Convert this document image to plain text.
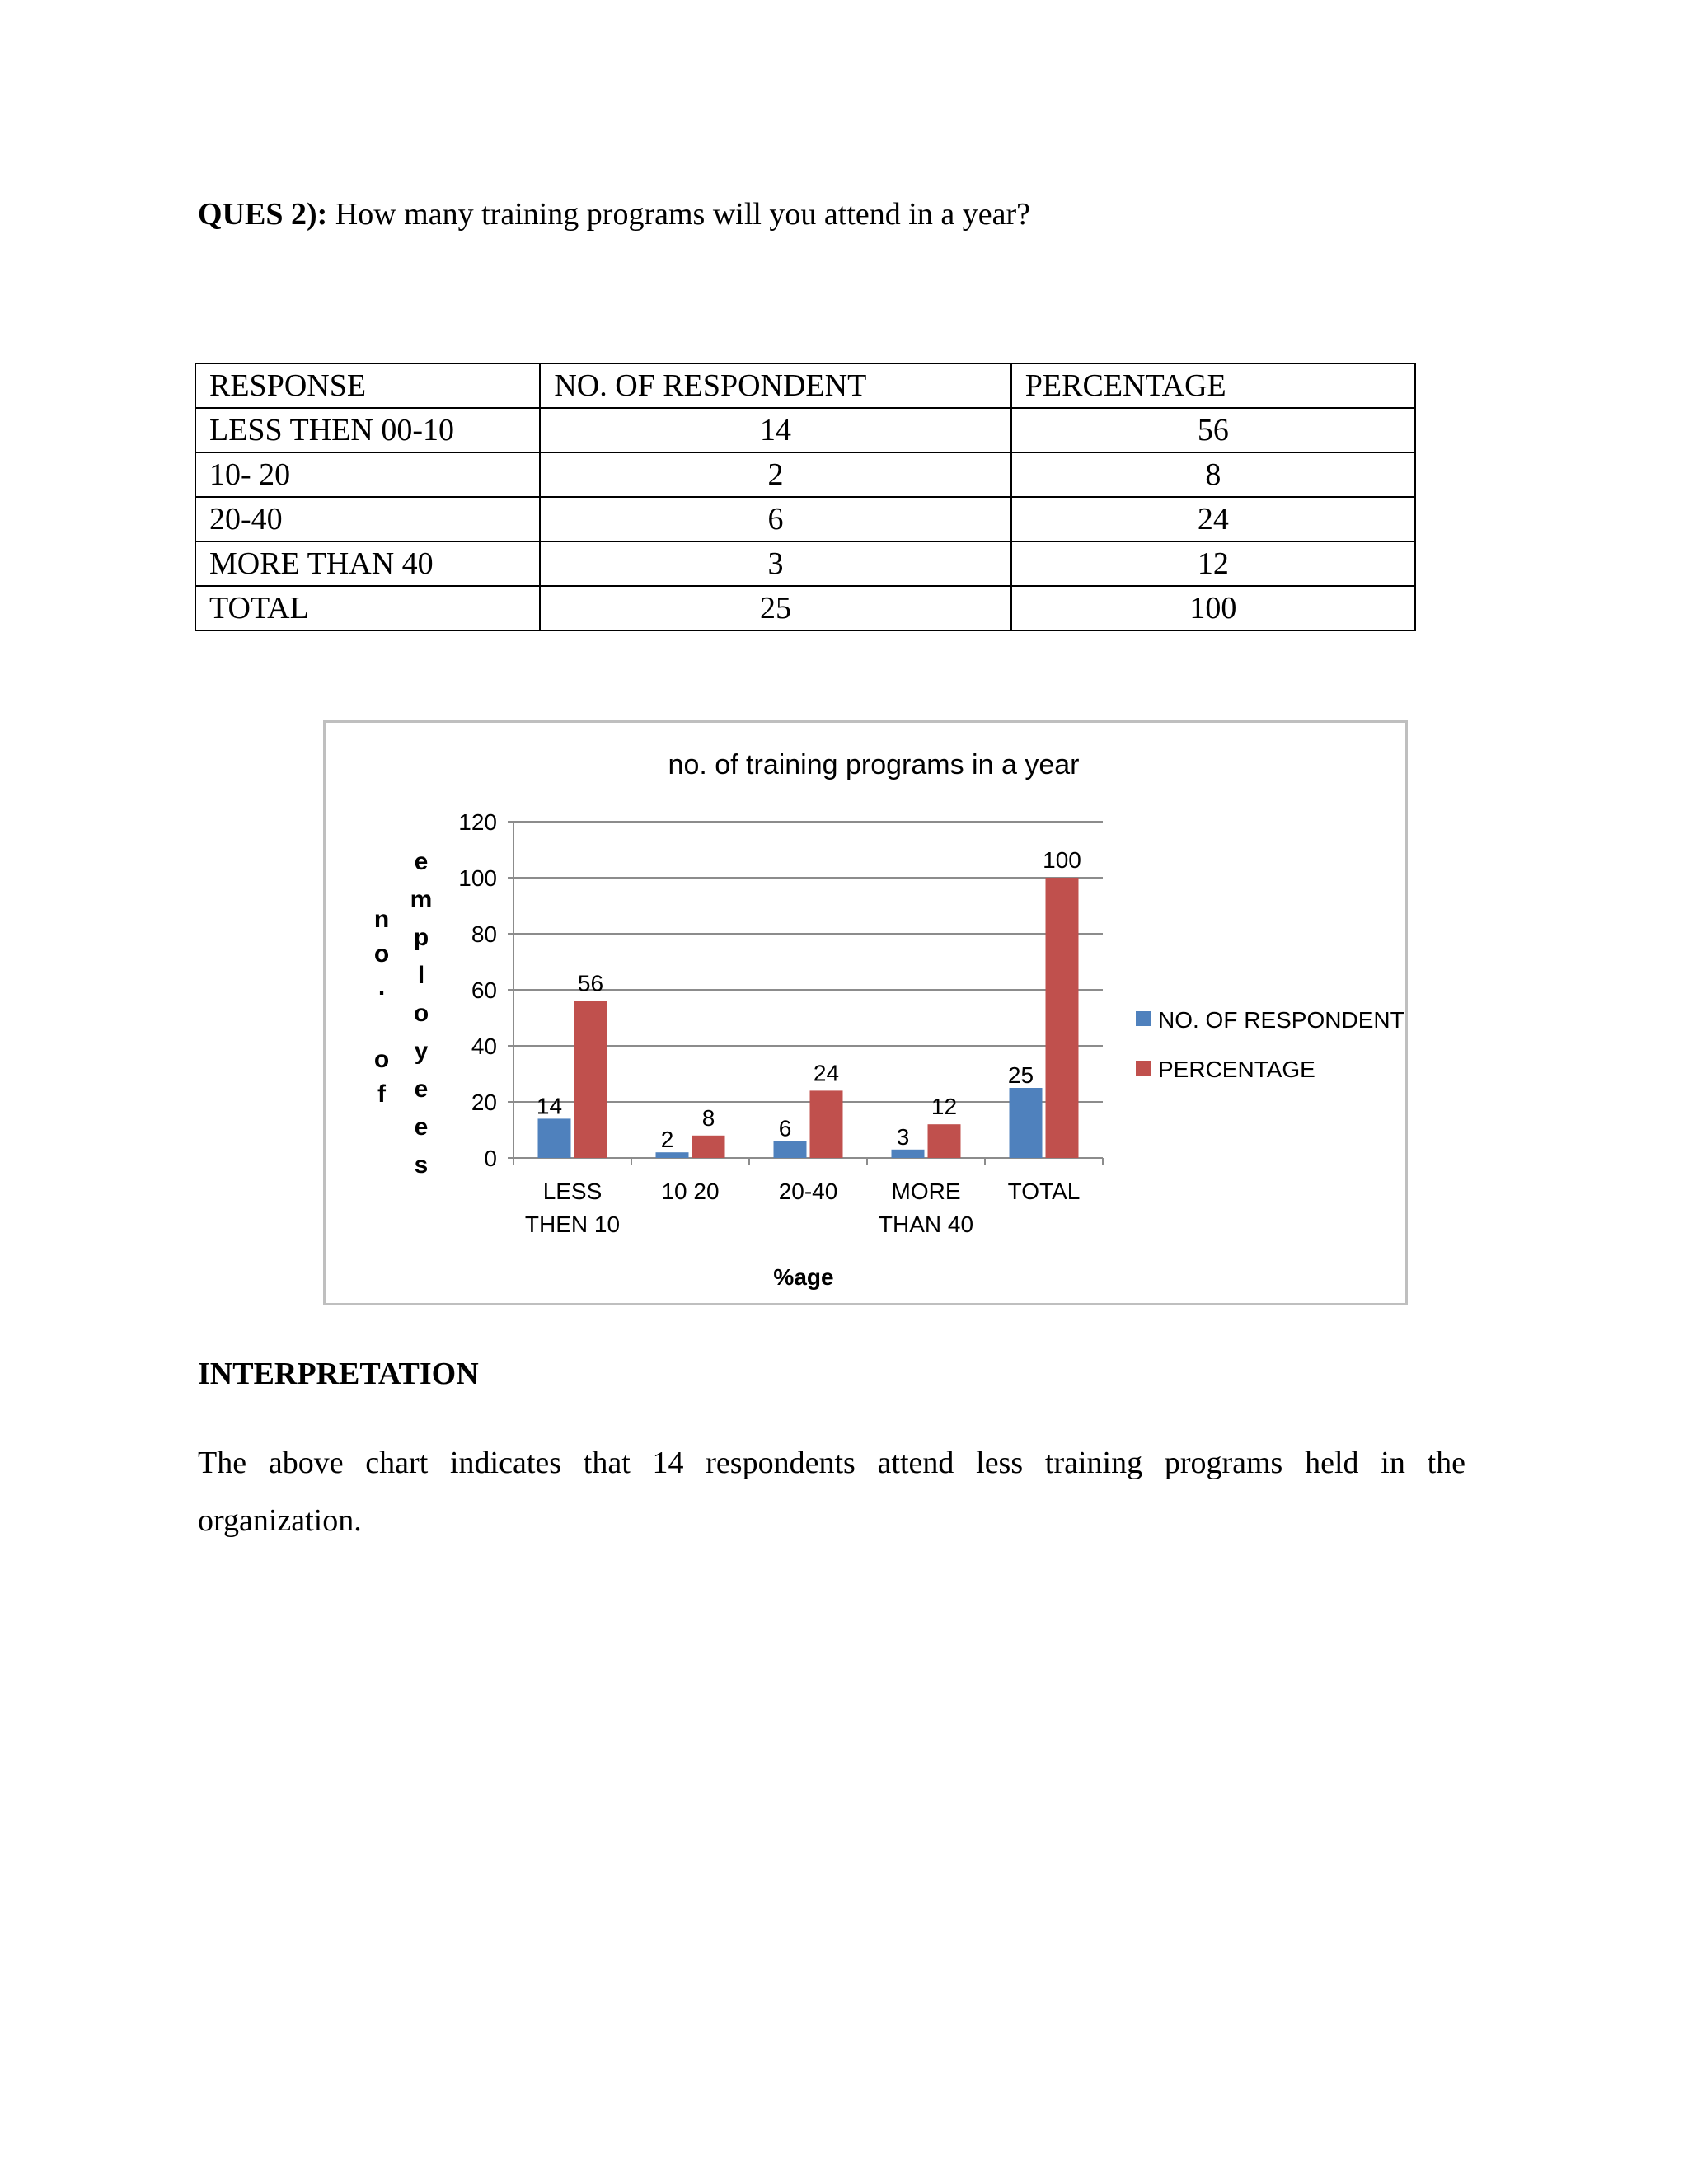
QUES 2): How many training programs will you attend in a year?
RESPONSE	NO. OF RESPONDENT	PERCENTAGE
LESS THEN 00-10	14	56
10- 20	2	8
20-40	6	24
MORE THAN 40	3	12
TOTAL	25	100
no. of training programs in a year
0
20
40
60
80
100
120
14
56
LESS
THEN 10
2
8
10 20
6
24
20-40
3
12
MORE
THAN 40
25
100
TOTAL
%age
n
o
.
o
f
e
m
p
l
o
y
e
e
s
NO. OF RESPONDENT
PERCENTAGE
INTERPRETATION
The above chart indicates that 14 respondents attend less training programs held in the organization.
